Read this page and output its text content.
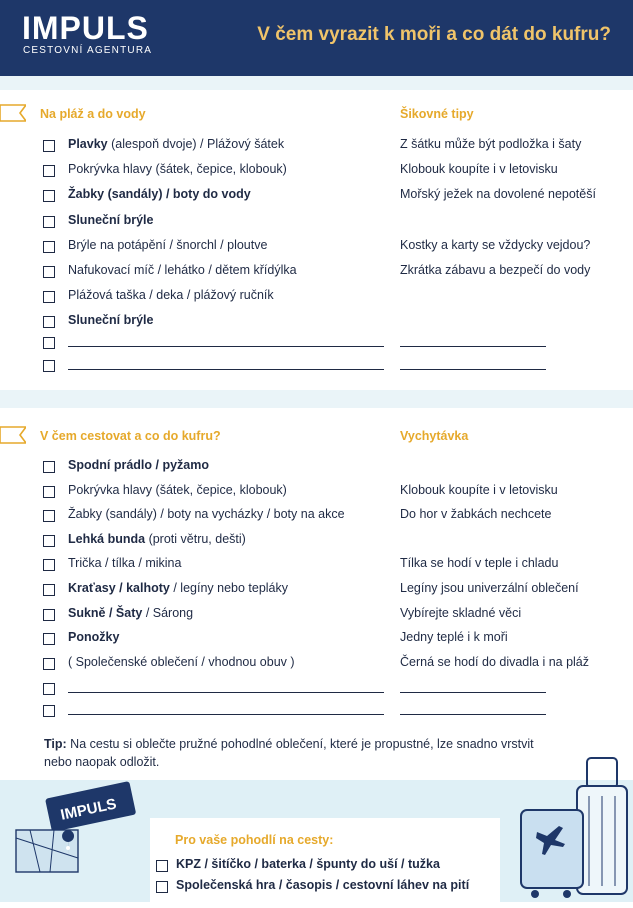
IMPULS
CESTOVNÍ AGENTURA
V čem vyrazit k moři a co dát do kufru?
Na pláž a do vody	Šikovné tipy
Plavky (alespoň dvoje) / Plážový šátek	Z šátku může být podložka i šaty
Pokrývka hlavy (šátek, čepice, klobouk)	Klobouk koupíte i v letovisku
Žabky (sandály) / boty do vody	Mořský ježek na dovolené nepotěší
Sluneční brýle
Brýle na potápění / šnorchl / ploutve	Kostky a karty se vždycky vejdou?
Nafukovací míč / lehátko / dětem křídýlka	Zkrátka zábavu a bezpečí do vody
Plážová taška / deka / plážový ručník
Sluneční brýle
V čem cestovat a co do kufru?	Vychytávka
Spodní prádlo / pyžamo
Pokrývka hlavy (šátek, čepice, klobouk)	Klobouk koupíte i v letovisku
Žabky (sandály) / boty na vycházky / boty na akce	Do hor v žabkách nechcete
Lehká bunda (proti větru, dešti)
Trička / tílka / mikina	Tílka se hodí v teple i chladu
Kraťasy / kalhoty / legíny nebo tepláky	Legíny jsou univerzální oblečení
Sukně / Šaty / Sárong	Vybírejte skladné věci
Ponožky	Jedny teplé i k moři
( Společenské oblečení / vhodnou obuv )	Černá se hodí do divadla i na pláž
Tip: Na cestu si oblečte pružné pohodlné oblečení, které je propustné, lze snadno vrstvit nebo naopak odložit.
IMPULS
Pro vaše pohodlí na cesty:
KPZ / šitíčko / baterka / špunty do uší / tužka
Společenská hra / časopis / cestovní láhev na pití
